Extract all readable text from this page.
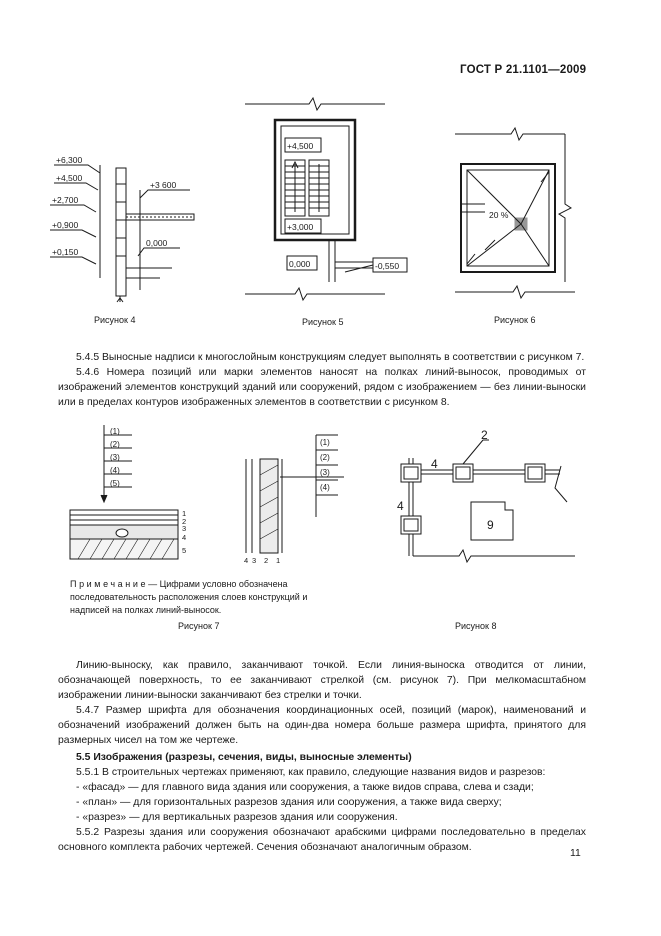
ГОСТ Р 21.1101—2009
+6,300
+4,500
+2,700
+0,900
+0,150
+3 600
0,000
Рисунок 4
+4,500
+3,000
0,000	-0,550
Рисунок 5
20 %
Рисунок 6

5.4.5 Выносные надписи к многослойным конструкциям следует выполнять в соответствии с рисунком 7.

5.4.6 Номера позиций или марки элементов наносят на полках линий-выносок, проводимых от изображений элементов конструкций зданий или сооружений, рядом с изображением — без линии-выноски или в пределах контуров изображенных элементов в соответствии с рисунком 8.

(1)
(2)
(3)
(4)
(5)
1
2
3
4
5
(1)
(2)
(3)
(4)
4 3 2 1
Примечание— Цифрами условно обозначена последовательность расположения слоев конструкций и надписей на полках линий-выносок.
Рисунок 7
2
4
4
9
Рисунок 8

Линию-выноску, как правило, заканчивают точкой. Если линия-выноска отводится от линии, обозначающей поверхность, то ее заканчивают стрелкой (см. рисунок 7). При мелкомасштабном изображении линии-выноски заканчивают без стрелки и точки.

5.4.7 Размер шрифта для обозначения координационных осей, позиций (марок), наименований и обозначений изображений должен быть на один-два номера больше размера шрифта, принятого для размерных чисел на том же чертеже.

5.5 Изображения (разрезы, сечения, виды, выносные элементы)

5.5.1 В строительных чертежах применяют, как правило, следующие названия видов и разрезов:

- «фасад» — для главного вида здания или сооружения, а также видов справа, слева и сзади;

- «план» — для горизонтальных разрезов здания или сооружения, а также вида сверху;

- «разрез» — для вертикальных разрезов здания или сооружения.

5.5.2 Разрезы здания или сооружения обозначают арабскими цифрами последовательно в пределах основного комплекта рабочих чертежей. Сечения обозначают аналогичным образом.

11
